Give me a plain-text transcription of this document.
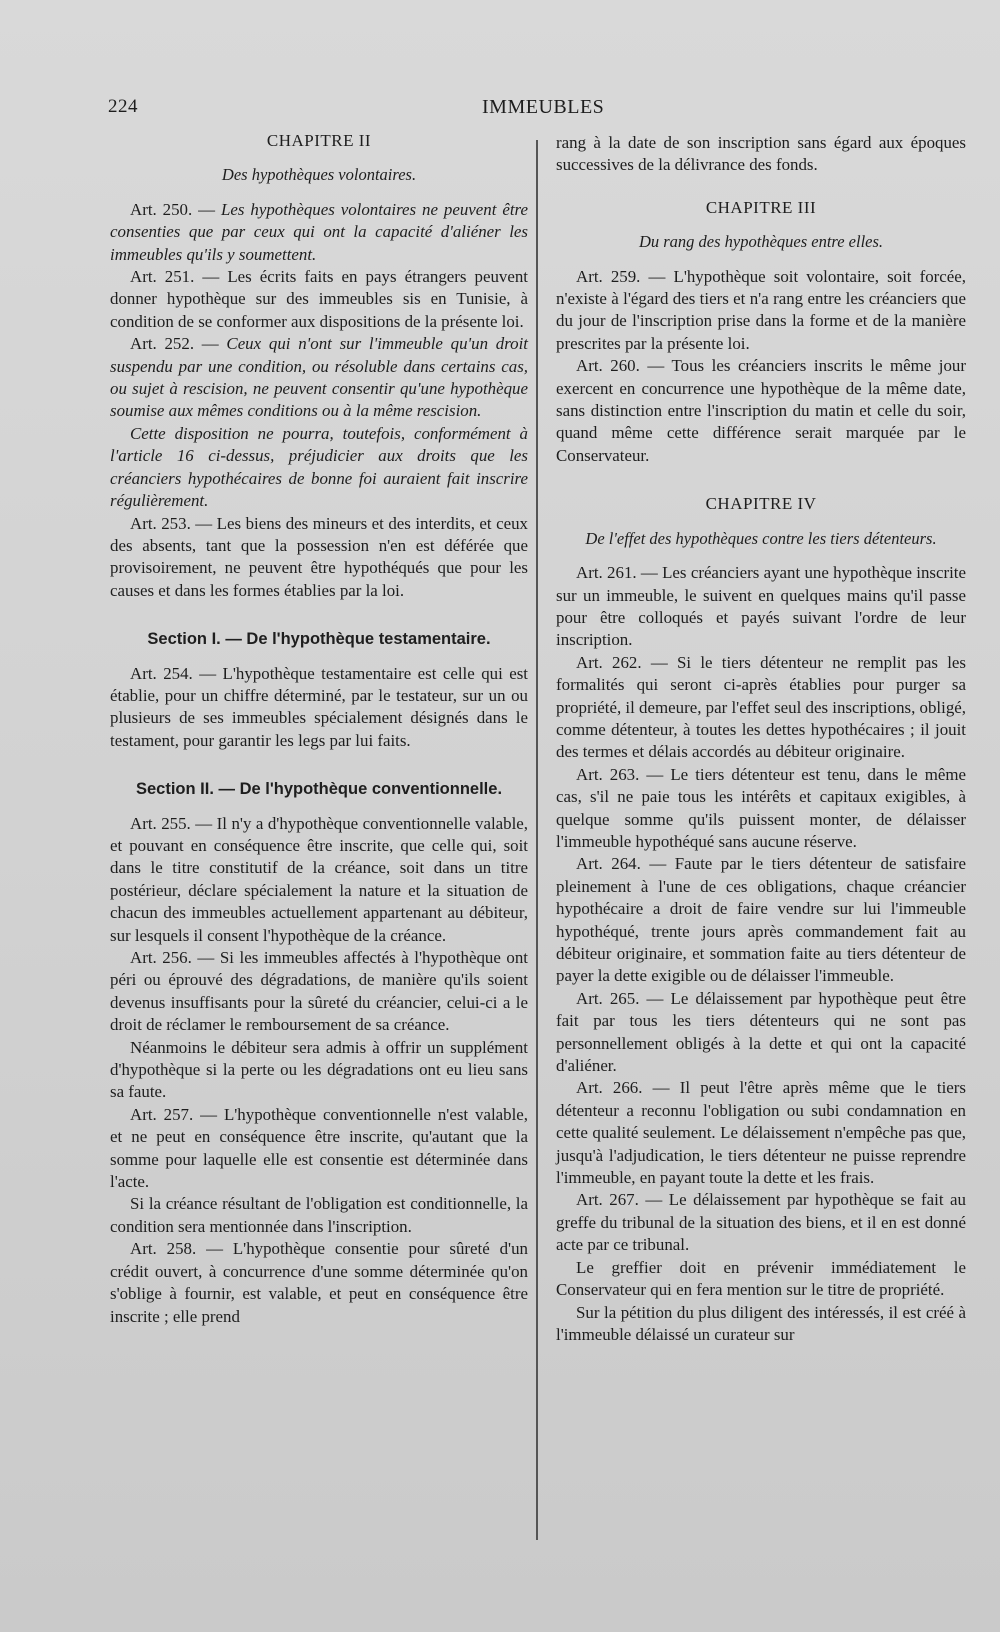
224	IMMEUBLES
CHAPITRE II
Des hypothèques volontaires.

Art. 250. — Les hypothèques volontaires ne peuvent être consenties que par ceux qui ont la capacité d'aliéner les immeubles qu'ils y soumettent.

Art. 251. — Les écrits faits en pays étrangers peuvent donner hypothèque sur des immeubles sis en Tunisie, à condition de se conformer aux dispositions de la présente loi.

Art. 252. — Ceux qui n'ont sur l'immeuble qu'un droit suspendu par une condition, ou résoluble dans certains cas, ou sujet à rescision, ne peuvent consentir qu'une hypothèque soumise aux mêmes conditions ou à la même rescision.

Cette disposition ne pourra, toutefois, conformément à l'article 16 ci-dessus, préjudicier aux droits que les créanciers hypothécaires de bonne foi auraient fait inscrire régulièrement.

Art. 253. — Les biens des mineurs et des interdits, et ceux des absents, tant que la possession n'en est déférée que provisoirement, ne peuvent être hypothéqués que pour les causes et dans les formes établies par la loi.

Section I. — De l'hypothèque testamentaire.

Art. 254. — L'hypothèque testamentaire est celle qui est établie, pour un chiffre déterminé, par le testateur, sur un ou plusieurs de ses immeubles spécialement désignés dans le testament, pour garantir les legs par lui faits.

Section II. — De l'hypothèque conventionnelle.

Art. 255. — Il n'y a d'hypothèque conventionnelle valable, et pouvant en conséquence être inscrite, que celle qui, soit dans le titre constitutif de la créance, soit dans un titre postérieur, déclare spécialement la nature et la situation de chacun des immeubles actuellement appartenant au débiteur, sur lesquels il consent l'hypothèque de la créance.

Art. 256. — Si les immeubles affectés à l'hypothèque ont péri ou éprouvé des dégradations, de manière qu'ils soient devenus insuffisants pour la sûreté du créancier, celui-ci a le droit de réclamer le remboursement de sa créance.

Néanmoins le débiteur sera admis à offrir un supplément d'hypothèque si la perte ou les dégradations ont eu lieu sans sa faute.

Art. 257. — L'hypothèque conventionnelle n'est valable, et ne peut en conséquence être inscrite, qu'autant que la somme pour laquelle elle est consentie est déterminée dans l'acte.

Si la créance résultant de l'obligation est conditionnelle, la condition sera mentionnée dans l'inscription.

Art. 258. — L'hypothèque consentie pour sûreté d'un crédit ouvert, à concurrence d'une somme déterminée qu'on s'oblige à fournir, est valable, et peut en conséquence être inscrite ; elle prend

rang à la date de son inscription sans égard aux époques successives de la délivrance des fonds.

CHAPITRE III
Du rang des hypothèques entre elles.

Art. 259. — L'hypothèque soit volontaire, soit forcée, n'existe à l'égard des tiers et n'a rang entre les créanciers que du jour de l'inscription prise dans la forme et de la manière prescrites par la présente loi.

Art. 260. — Tous les créanciers inscrits le même jour exercent en concurrence une hypothèque de la même date, sans distinction entre l'inscription du matin et celle du soir, quand même cette différence serait marquée par le Conservateur.

CHAPITRE IV
De l'effet des hypothèques contre les tiers détenteurs.

Art. 261. — Les créanciers ayant une hypothèque inscrite sur un immeuble, le suivent en quelques mains qu'il passe pour être colloqués et payés suivant l'ordre de leur inscription.

Art. 262. — Si le tiers détenteur ne remplit pas les formalités qui seront ci-après établies pour purger sa propriété, il demeure, par l'effet seul des inscriptions, obligé, comme détenteur, à toutes les dettes hypothécaires ; il jouit des termes et délais accordés au débiteur originaire.

Art. 263. — Le tiers détenteur est tenu, dans le même cas, s'il ne paie tous les intérêts et capitaux exigibles, à quelque somme qu'ils puissent monter, de délaisser l'immeuble hypothéqué sans aucune réserve.

Art. 264. — Faute par le tiers détenteur de satisfaire pleinement à l'une de ces obligations, chaque créancier hypothécaire a droit de faire vendre sur lui l'immeuble hypothéqué, trente jours après commandement fait au débiteur originaire, et sommation faite au tiers détenteur de payer la dette exigible ou de délaisser l'immeuble.

Art. 265. — Le délaissement par hypothèque peut être fait par tous les tiers détenteurs qui ne sont pas personnellement obligés à la dette et qui ont la capacité d'aliéner.

Art. 266. — Il peut l'être après même que le tiers détenteur a reconnu l'obligation ou subi condamnation en cette qualité seulement. Le délaissement n'empêche pas que, jusqu'à l'adjudication, le tiers détenteur ne puisse reprendre l'immeuble, en payant toute la dette et les frais.

Art. 267. — Le délaissement par hypothèque se fait au greffe du tribunal de la situation des biens, et il en est donné acte par ce tribunal.

Le greffier doit en prévenir immédiatement le Conservateur qui en fera mention sur le titre de propriété.

Sur la pétition du plus diligent des intéressés, il est créé à l'immeuble délaissé un curateur sur
